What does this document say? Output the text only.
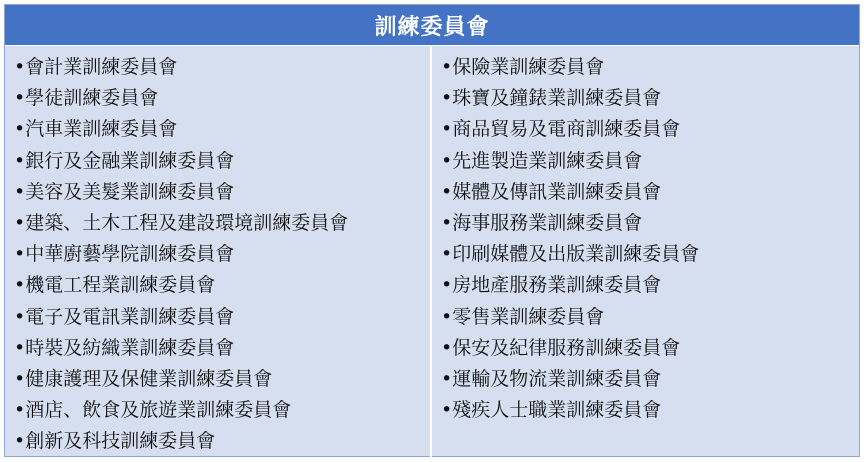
訓練委員會
•會計業訓練委員會
•學徒訓練委員會
•汽車業訓練委員會
•銀行及金融業訓練委員會
•美容及美髮業訓練委員會
•建築、土木工程及建設環境訓練委員會
•中華廚藝學院訓練委員會
•機電工程業訓練委員會
•電子及電訊業訓練委員會
•時裝及紡織業訓練委員會
•健康護理及保健業訓練委員會
•酒店、飲食及旅遊業訓練委員會
•創新及科技訓練委員會
•保險業訓練委員會
•珠寶及鐘錶業訓練委員會
•商品貿易及電商訓練委員會
•先進製造業訓練委員會
•媒體及傳訊業訓練委員會
•海事服務業訓練委員會
•印刷媒體及出版業訓練委員會
•房地產服務業訓練委員會
•零售業訓練委員會
•保安及紀律服務訓練委員會
•運輸及物流業訓練委員會
•殘疾人士職業訓練委員會
